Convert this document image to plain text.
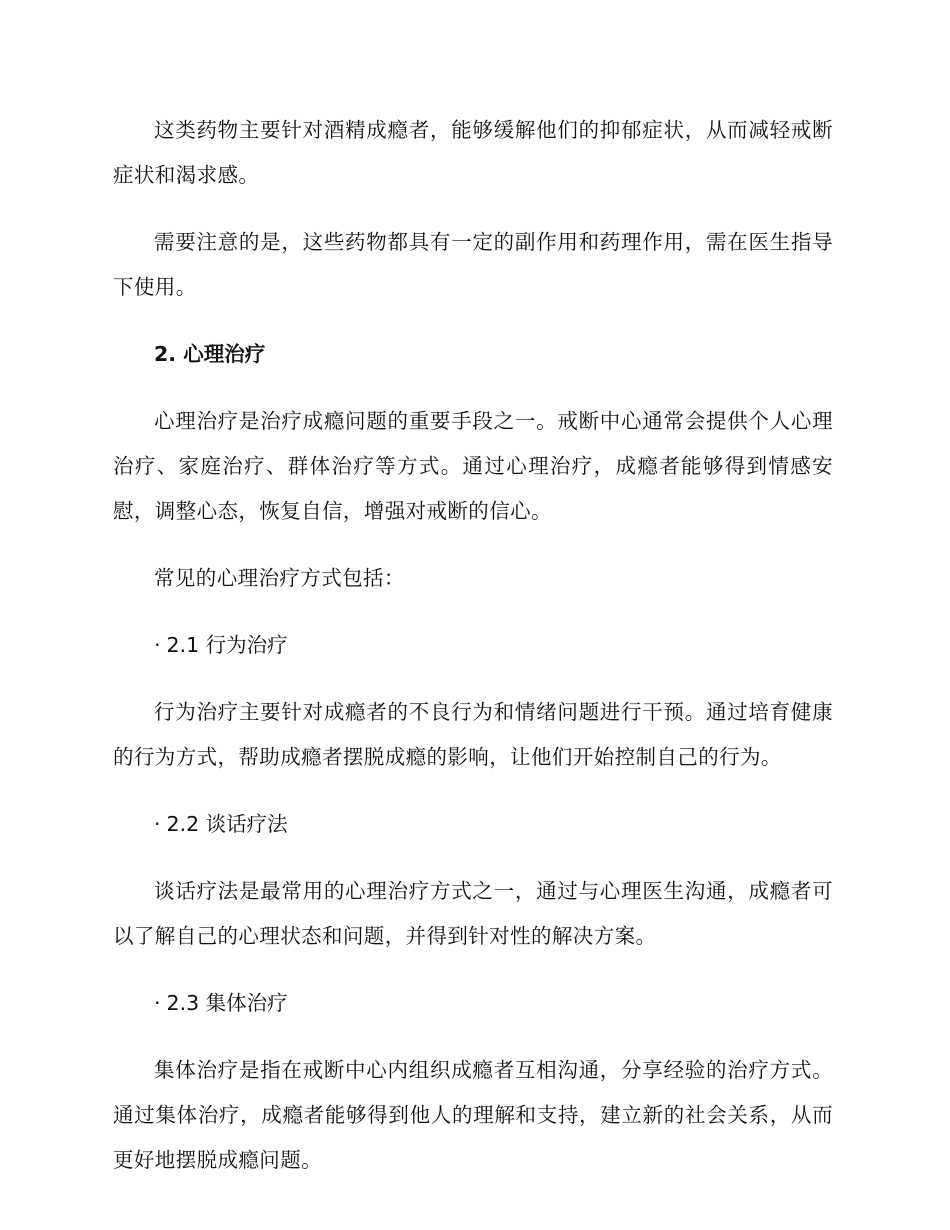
这类药物主要针对酒精成瘾者，能够缓解他们的抑郁症状，从而减轻戒断症状和渴求感。

需要注意的是，这些药物都具有一定的副作用和药理作用，需在医生指导下使用。

2. 心理治疗

心理治疗是治疗成瘾问题的重要手段之一。戒断中心通常会提供个人心理治疗、家庭治疗、群体治疗等方式。通过心理治疗，成瘾者能够得到情感安慰，调整心态，恢复自信，增强对戒断的信心。

常见的心理治疗方式包括：

· 2.1 行为治疗

行为治疗主要针对成瘾者的不良行为和情绪问题进行干预。通过培育健康的行为方式，帮助成瘾者摆脱成瘾的影响，让他们开始控制自己的行为。

· 2.2 谈话疗法

谈话疗法是最常用的心理治疗方式之一，通过与心理医生沟通，成瘾者可以了解自己的心理状态和问题，并得到针对性的解决方案。

· 2.3 集体治疗

集体治疗是指在戒断中心内组织成瘾者互相沟通，分享经验的治疗方式。通过集体治疗，成瘾者能够得到他人的理解和支持，建立新的社会关系，从而更好地摆脱成瘾问题。
